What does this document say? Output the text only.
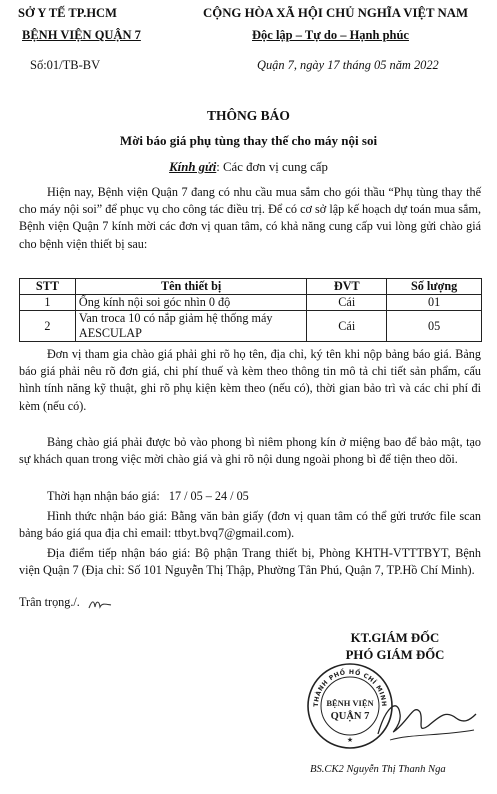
SỞ Y TẾ TP.HCM
BỆNH VIỆN QUẬN 7
Số:01/TB-BV
CỘNG HÒA XÃ HỘI CHỦ NGHĨA VIỆT NAM
Độc lập – Tự do – Hạnh phúc
Quận 7, ngày 17 tháng 05 năm 2022
THÔNG BÁO
Mời báo giá phụ tùng thay thế cho máy nội soi
Kính gửi: Các đơn vị cung cấp

Hiện nay, Bệnh viện Quận 7 đang có nhu cầu mua sắm cho gói thầu “Phụ tùng thay thế cho máy nội soi” để phục vụ cho công tác điều trị. Để có cơ sở lập kế hoạch dự toán mua sắm, Bệnh viện Quận 7 kính mời các đơn vị quan tâm, có khả năng cung cấp vui lòng gửi chào giá cho bệnh viện thiết bị sau:

STT	Tên thiết bị	ĐVT	Số lượng
1	Ống kính nội soi góc nhìn 0 độ	Cái	01
2	Van troca 10 có nắp giảm hệ thống máy AESCULAP	Cái	05

Đơn vị tham gia chào giá phải ghi rõ họ tên, địa chỉ, ký tên khi nộp bảng báo giá. Bảng báo giá phải nêu rõ đơn giá, chi phí thuế và kèm theo thông tin mô tả chi tiết sản phẩm, cấu hình tính năng kỹ thuật, ghi rõ phụ kiện kèm theo (nếu có), thời gian bảo trì và các chi phí đi kèm (nếu có).

Bảng chào giá phải được bỏ vào phong bì niêm phong kín ở miệng bao để bảo mật, tạo sự khách quan trong việc mời chào giá và ghi rõ nội dung ngoài phong bì để tiện theo dõi.

Thời hạn nhận báo giá:   17 / 05 – 24 / 05

Hình thức nhận báo giá: Bằng văn bản giấy (đơn vị quan tâm có thể gửi trước file scan bảng báo giá qua địa chỉ email: ttbyt.bvq7@gmail.com).

Địa điểm tiếp nhận báo giá: Bộ phận Trang thiết bị, Phòng KHTH-VTTTBYT, Bệnh viện Quận 7 (Địa chỉ: Số 101 Nguyễn Thị Thập, Phường Tân Phú, Quận 7, TP.Hồ Chí Minh).

Trân trọng./.

KT.GIÁM ĐỐC
PHÓ GIÁM ĐỐC
THÀNH PHỐ HỒ CHÍ MINH
BỆNH VIỆN
QUẬN 7
★
BS.CK2 Nguyễn Thị Thanh Nga
